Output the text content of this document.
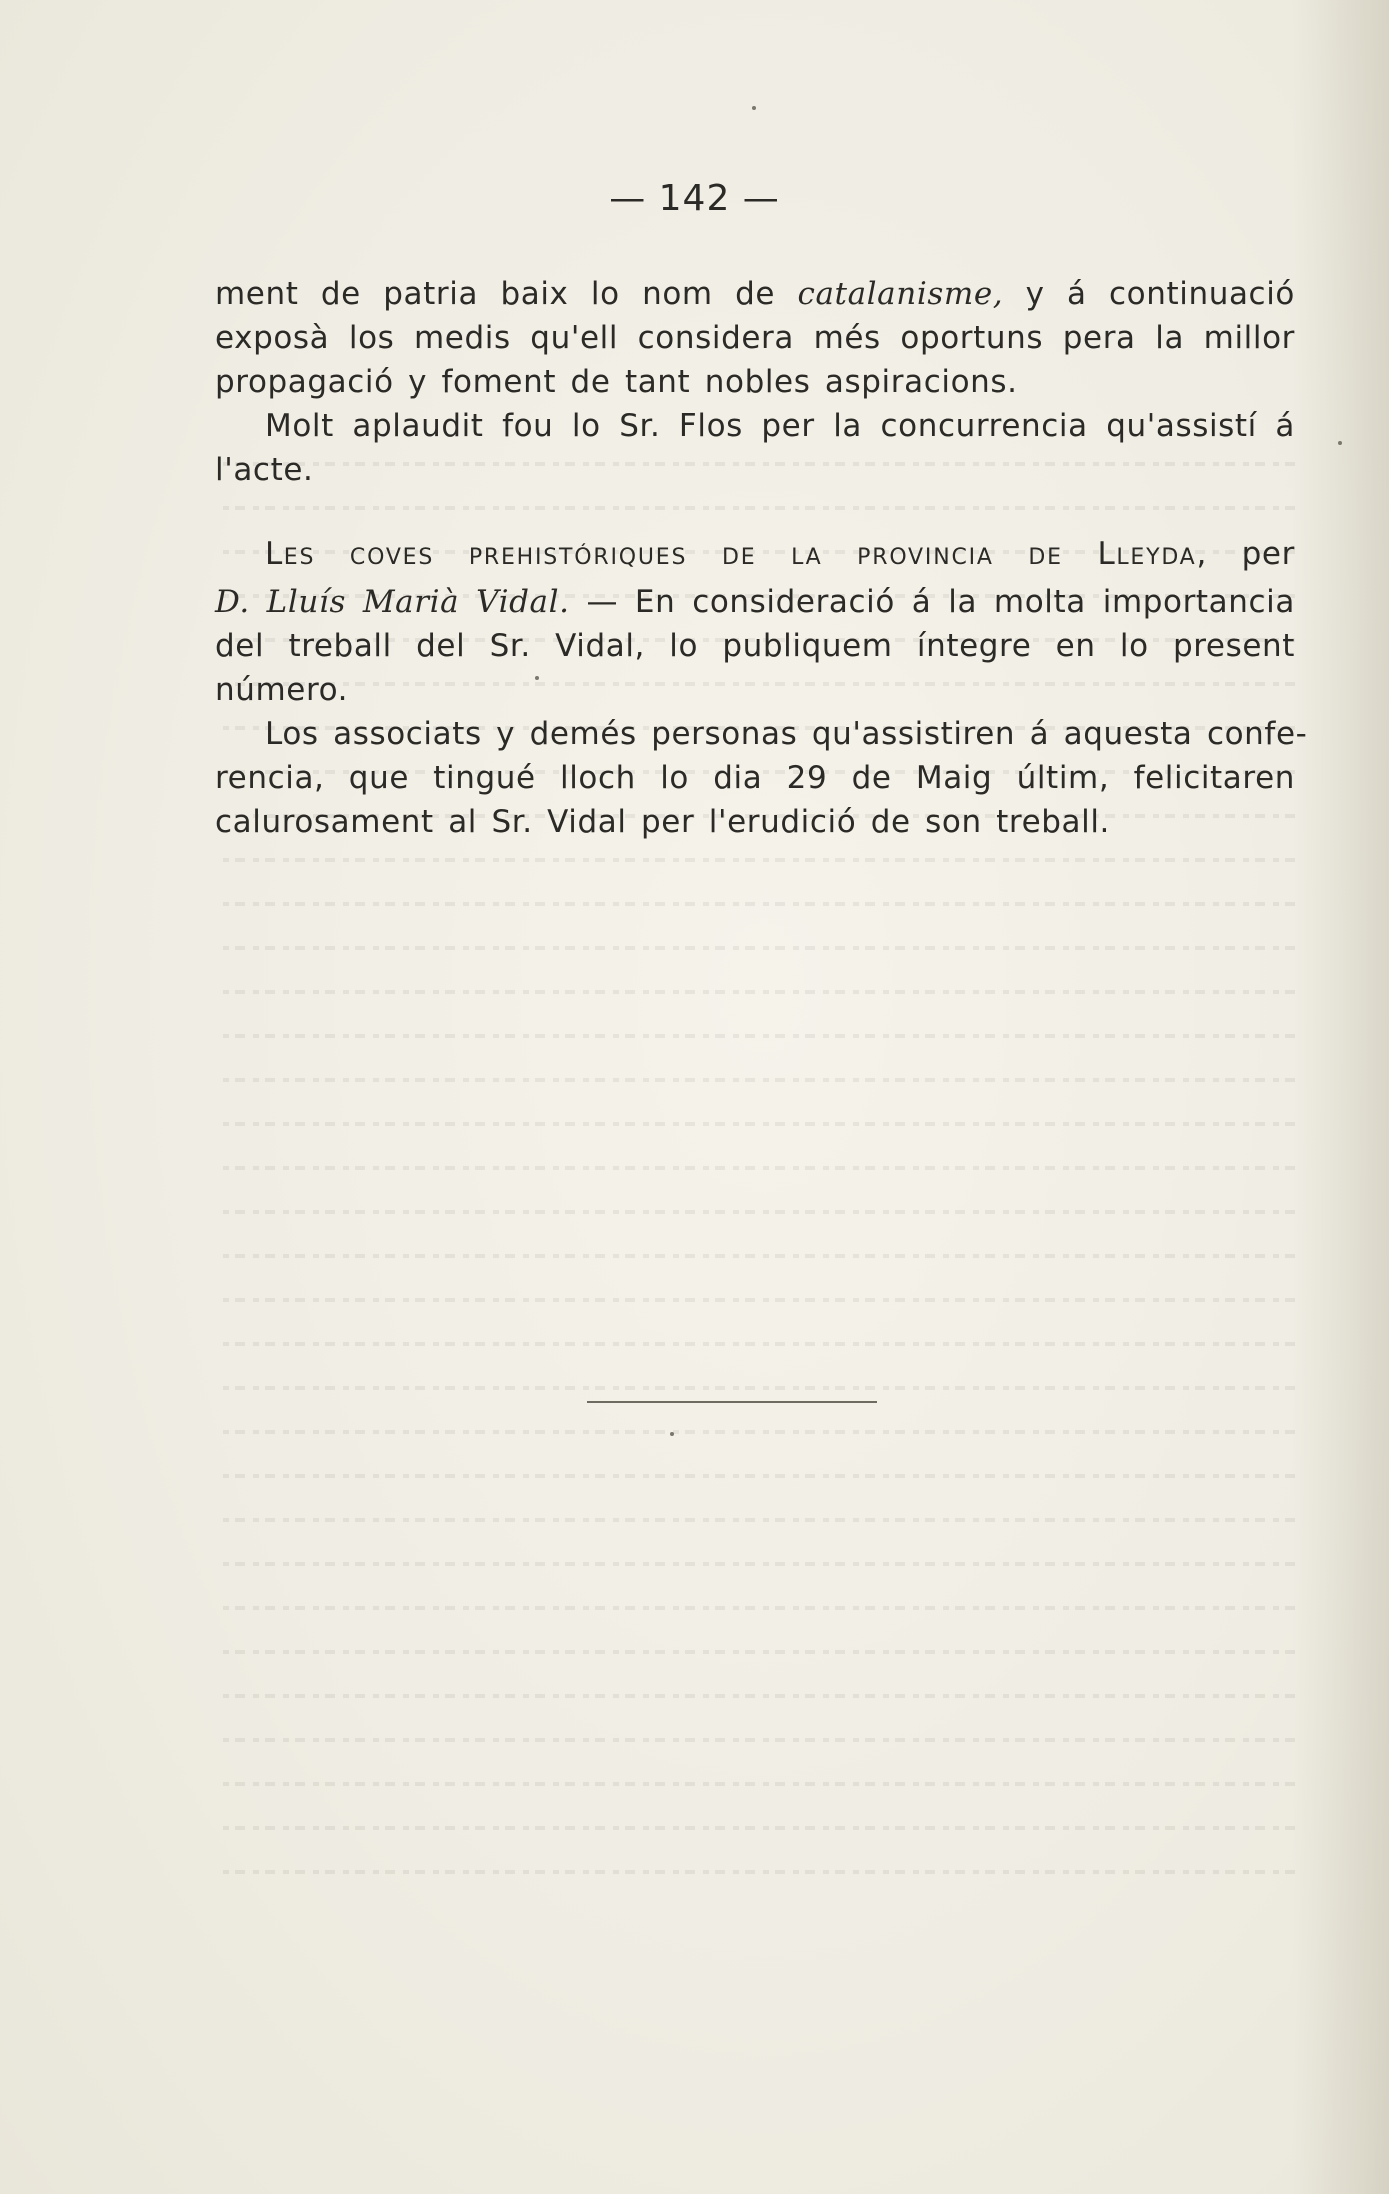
— 142 —
ment de patria baix lo nom de catalanisme, y á continuació
exposà los medis qu'ell considera més oportuns pera la millor
propagació y foment de tant nobles aspiracions.
Molt aplaudit fou lo Sr. Flos per la concurrencia qu'assistí á
l'acte.
LES COVES PREHISTÓRIQUES DE LA PROVINCIA DE LLEYDA, per
D. Lluís Marià Vidal. — En consideració á la molta importancia
del treball del Sr. Vidal, lo publiquem íntegre en lo present
número.
Los associats y demés personas qu'assistiren á aquesta confe-
rencia, que tingué lloch lo dia 29 de Maig últim, felicitaren
calurosament al Sr. Vidal per l'erudició de son treball.
